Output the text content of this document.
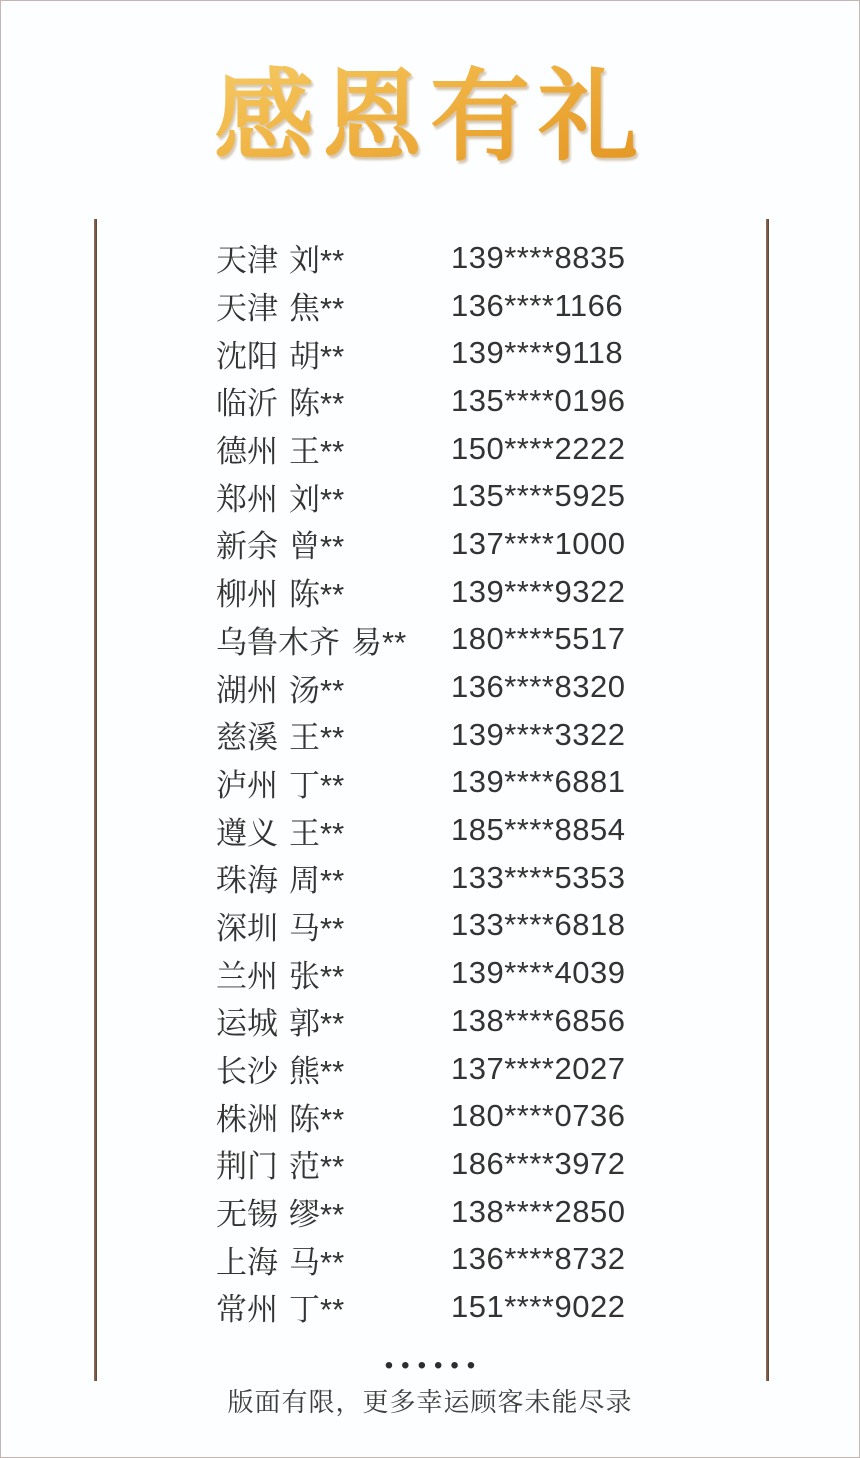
感恩有礼
天津 刘**	139****8835
天津 焦**	136****1166
沈阳 胡**	139****9118
临沂 陈**	135****0196
德州 王**	150****2222
郑州 刘**	135****5925
新余 曾**	137****1000
柳州 陈**	139****9322
乌鲁木齐 易**	180****5517
湖州 汤**	136****8320
慈溪 王**	139****3322
泸州 丁**	139****6881
遵义 王**	185****8854
珠海 周**	133****5353
深圳 马**	133****6818
兰州 张**	139****4039
运城 郭**	138****6856
长沙 熊**	137****2027
株洲 陈**	180****0736
荆门 范**	186****3972
无锡 缪**	138****2850
上海 马**	136****8732
常州 丁**	151****9022
••••••
版面有限，更多幸运顾客未能尽录
